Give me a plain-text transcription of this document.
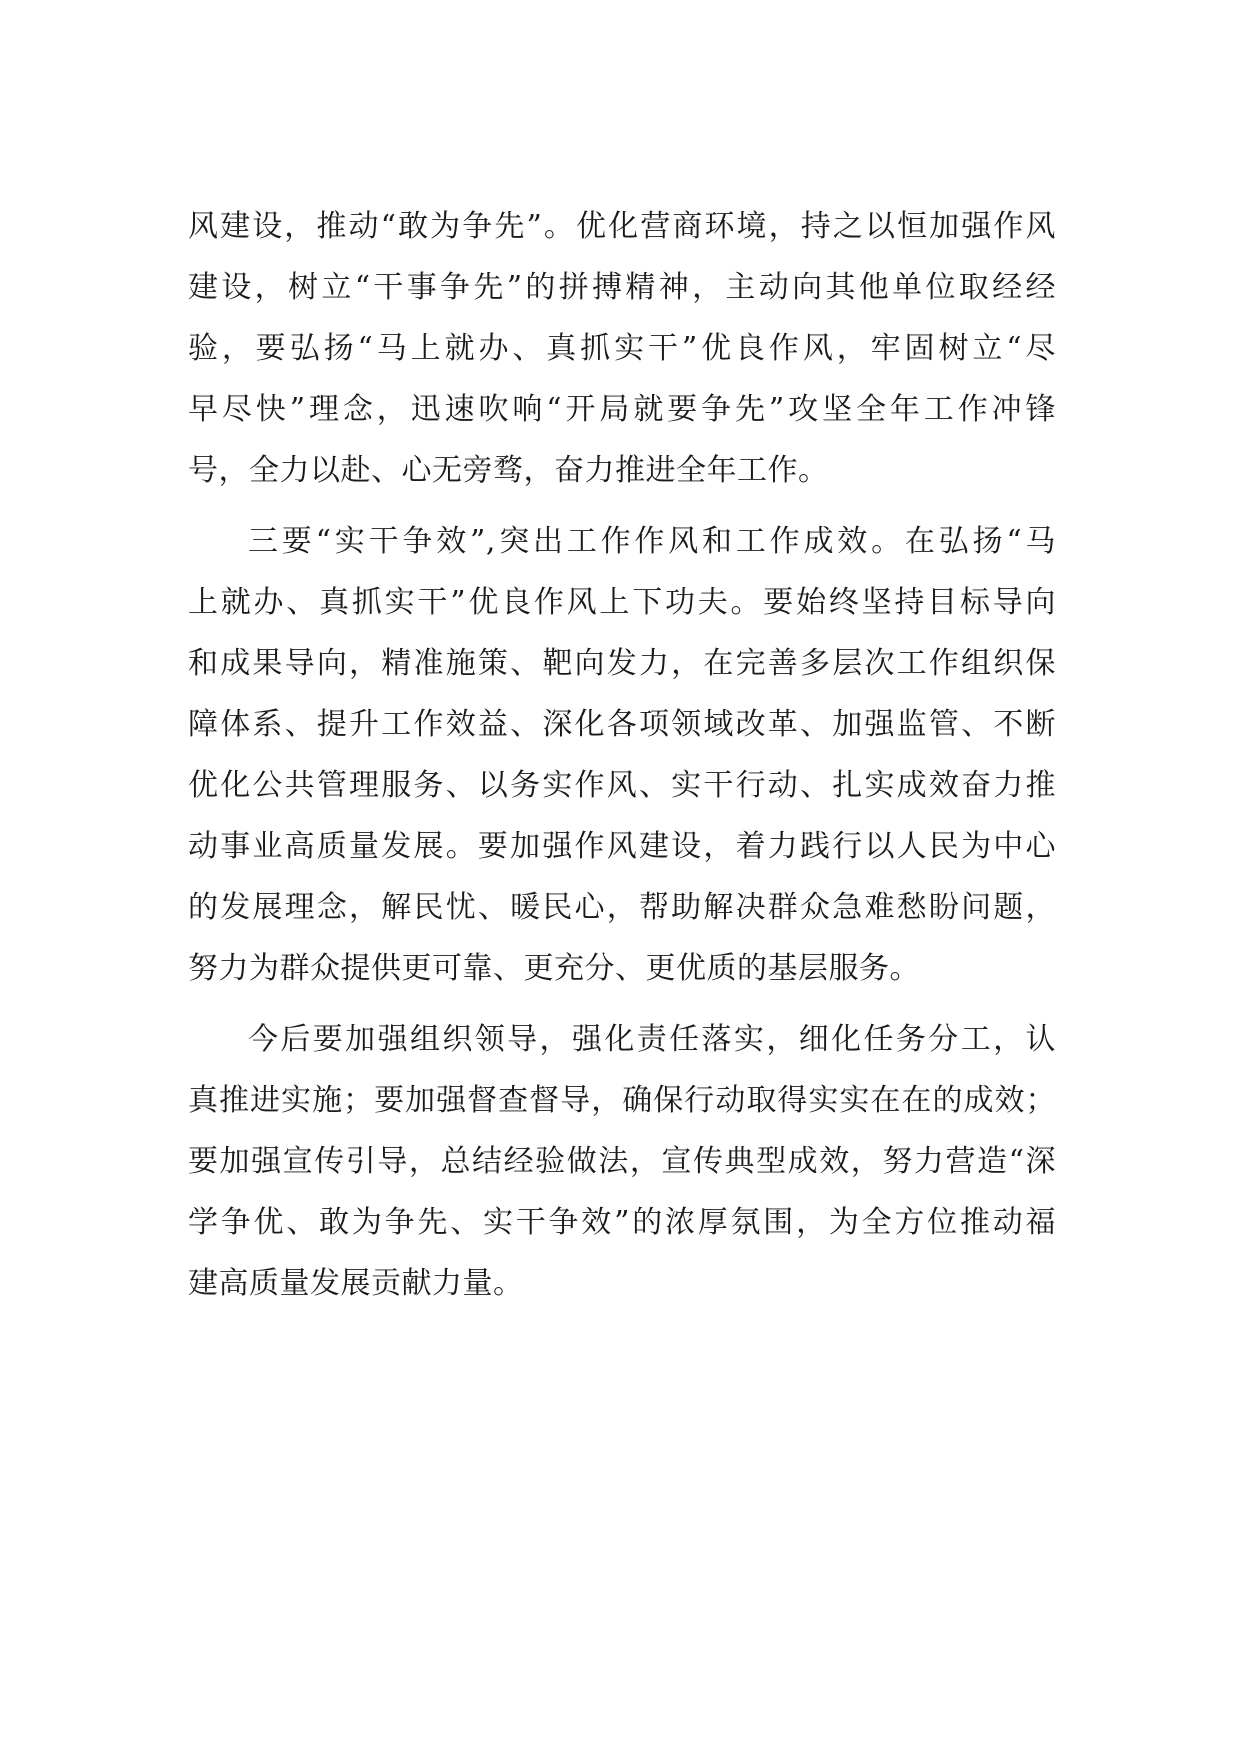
风建设，推动“敢为争先”。优化营商环境，持之以恒加强作风
建设，树立“干事争先”的拼搏精神，主动向其他单位取经经
验，要弘扬“马上就办、真抓实干”优良作风，牢固树立“尽
早尽快”理念，迅速吹响“开局就要争先”攻坚全年工作冲锋
号，全力以赴、心无旁骛，奋力推进全年工作。
三要“实干争效”,突出工作作风和工作成效。在弘扬“马
上就办、真抓实干”优良作风上下功夫。要始终坚持目标导向
和成果导向，精准施策、靶向发力，在完善多层次工作组织保
障体系、提升工作效益、深化各项领域改革、加强监管、不断
优化公共管理服务、以务实作风、实干行动、扎实成效奋力推
动事业高质量发展。要加强作风建设，着力践行以人民为中心
的发展理念，解民忧、暖民心，帮助解决群众急难愁盼问题，
努力为群众提供更可靠、更充分、更优质的基层服务。
今后要加强组织领导，强化责任落实，细化任务分工，认
真推进实施；要加强督查督导，确保行动取得实实在在的成效；
要加强宣传引导，总结经验做法，宣传典型成效，努力营造“深
学争优、敢为争先、实干争效”的浓厚氛围，为全方位推动福
建高质量发展贡献力量。
